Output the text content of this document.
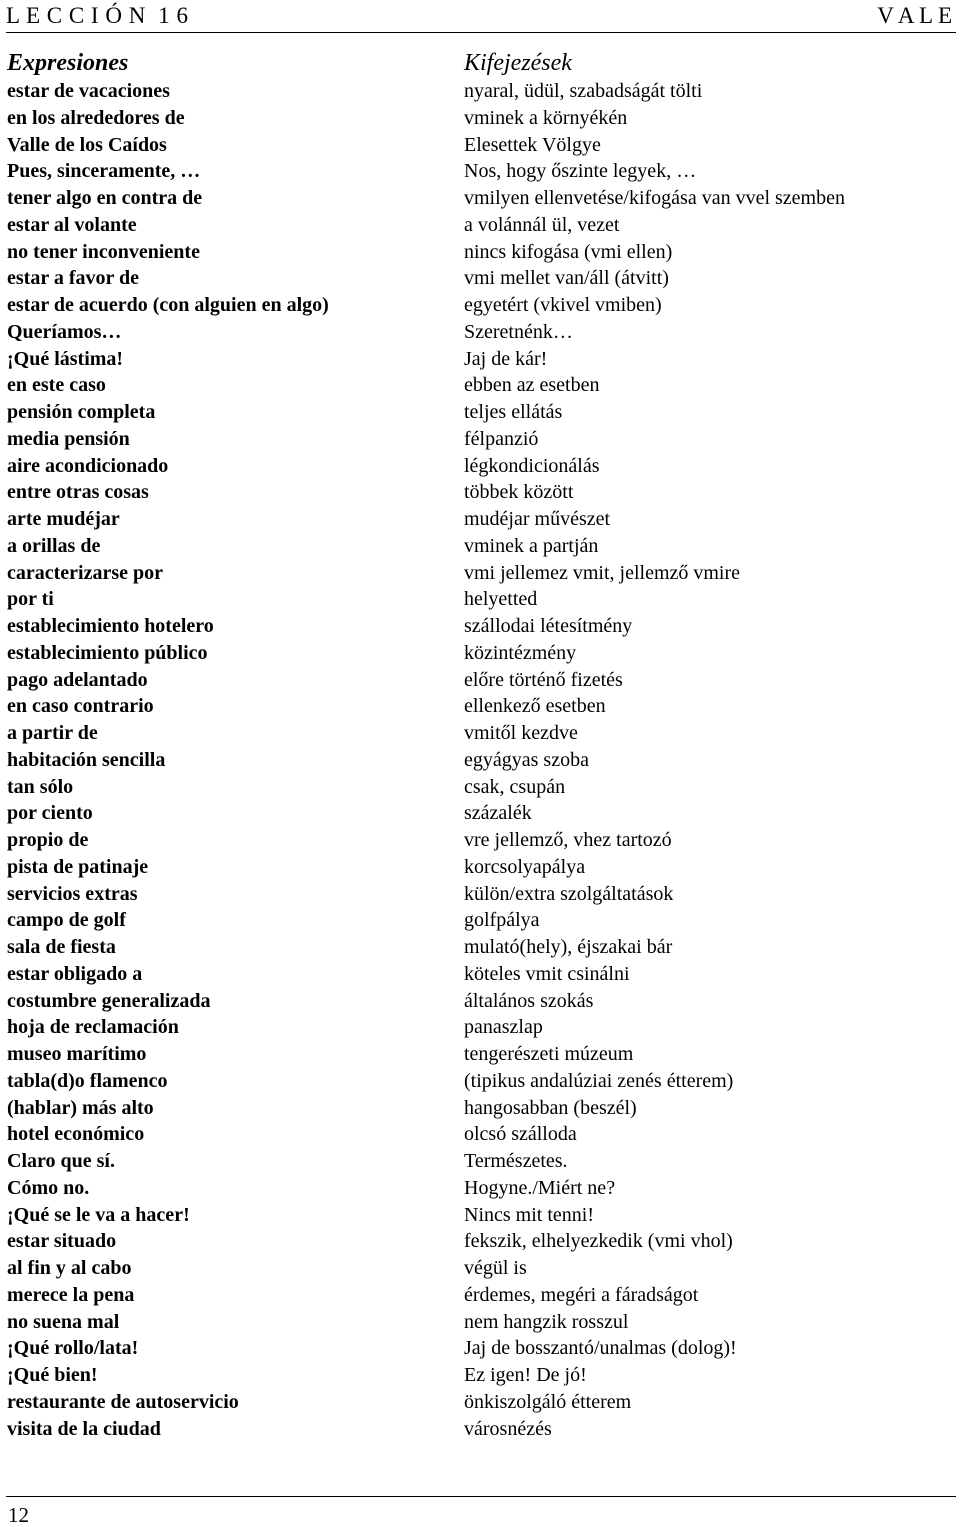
L E C C I Ó N  1 6	V A L E
Expresiones	Kifejezések
estar de vacaciones	nyaral, üdül, szabadságát tölti
en los alrededores de	vminek a környékén
Valle de los Caídos	Elesettek Völgye
Pues, sinceramente, …	Nos, hogy őszinte legyek, …
tener algo en contra de	vmilyen ellenvetése/kifogása van vvel szemben
estar al volante	a volánnál ül, vezet
no tener inconveniente	nincs kifogása (vmi ellen)
estar a favor de	vmi mellet van/áll (átvitt)
estar de acuerdo (con alguien en algo)	egyetért (vkivel vmiben)
Queríamos…	Szeretnénk…
¡Qué lástima!	Jaj de kár!
en este caso	ebben az esetben
pensión completa	teljes ellátás
media pensión	félpanzió
aire acondicionado	légkondicionálás
entre otras cosas	többek között
arte mudéjar	mudéjar művészet
a orillas de	vminek a partján
caracterizarse por	vmi jellemez vmit, jellemző vmire
por ti	helyetted
establecimiento hotelero	szállodai létesítmény
establecimiento público	közintézmény
pago adelantado	előre történő fizetés
en caso contrario	ellenkező esetben
a partir de	vmitől kezdve
habitación sencilla	egyágyas szoba
tan sólo	csak, csupán
por ciento	százalék
propio de	vre jellemző, vhez tartozó
pista de patinaje	korcsolyapálya
servicios extras	külön/extra szolgáltatások
campo de golf	golfpálya
sala de fiesta	mulató(hely), éjszakai bár
estar obligado a	köteles vmit csinálni
costumbre generalizada	általános szokás
hoja de reclamación	panaszlap
museo marítimo	tengerészeti múzeum
tabla(d)o flamenco	(tipikus andalúziai zenés étterem)
(hablar) más alto	hangosabban (beszél)
hotel económico	olcsó szálloda
Claro que sí.	Természetes.
Cómo no.	Hogyne./Miért ne?
¡Qué se le va a hacer!	Nincs mit tenni!
estar situado	fekszik, elhelyezkedik (vmi vhol)
al fin y al cabo	végül is
merece la pena	érdemes, megéri a fáradságot
no suena mal	nem hangzik rosszul
¡Qué rollo/lata!	Jaj de bosszantó/unalmas (dolog)!
¡Qué bien!	Ez igen! De jó!
restaurante de autoservicio	önkiszolgáló étterem
visita de la ciudad	városnézés
12
